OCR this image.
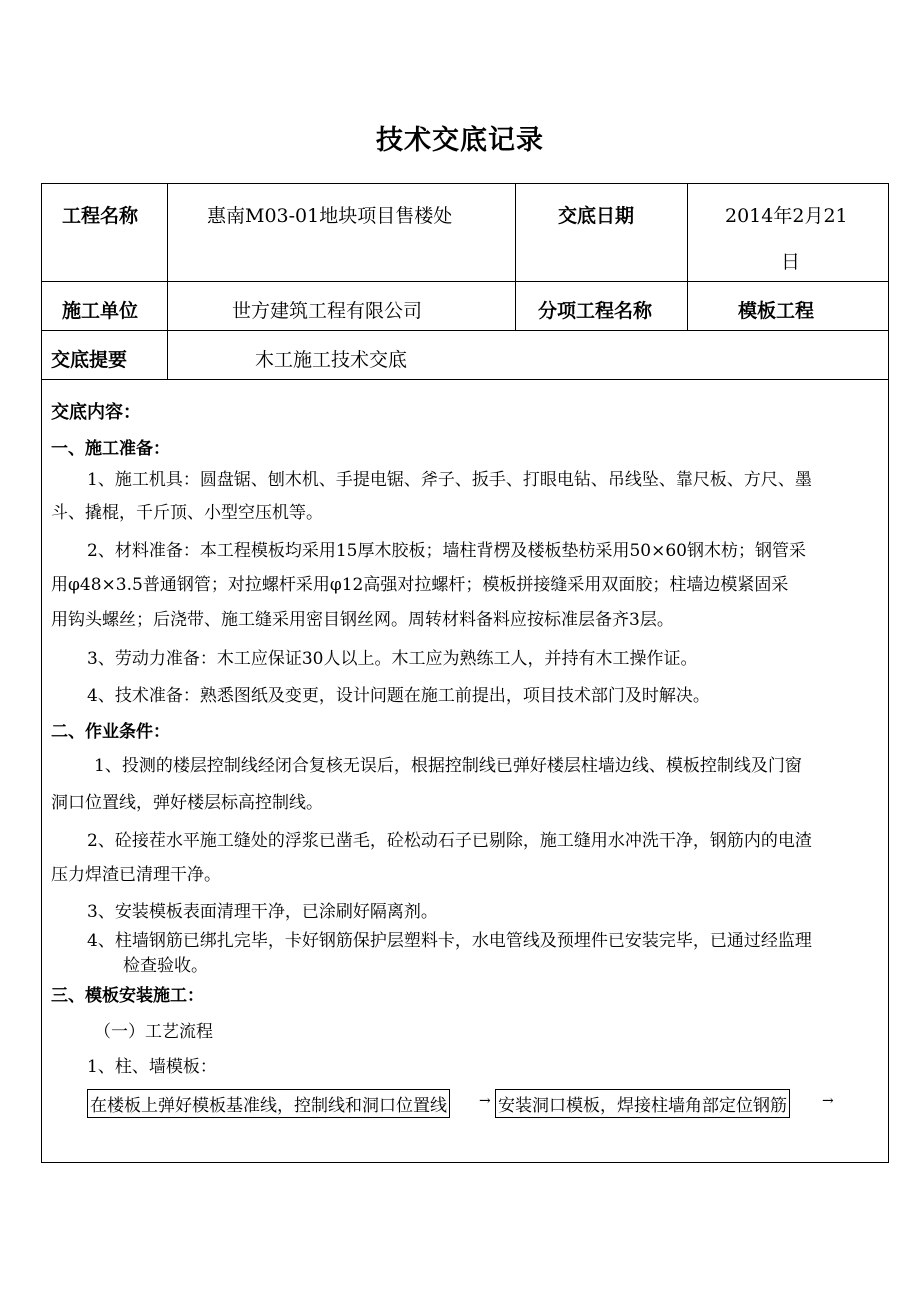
技术交底记录
工程名称	惠南M03-01地块项目售楼处	交底日期	2014年2月21
日
施工单位	世方建筑工程有限公司	分项工程名称	模板工程
交底提要	木工施工技术交底
交底内容：
一、施工准备：
1、施工机具：圆盘锯、刨木机、手提电锯、斧子、扳手、打眼电钻、吊线坠、靠尺板、方尺、墨
斗、撬棍，千斤顶、小型空压机等。
2、材料准备：本工程模板均采用15厚木胶板；墙柱背楞及楼板垫枋采用50×60钢木枋；钢管采
用φ48×3.5普通钢管；对拉螺杆采用φ12高强对拉螺杆；模板拼接缝采用双面胶；柱墙边模紧固采
用钩头螺丝；后浇带、施工缝采用密目钢丝网。周转材料备料应按标准层备齐3层。
3、劳动力准备：木工应保证30人以上。木工应为熟练工人，并持有木工操作证。
4、技术准备：熟悉图纸及变更，设计问题在施工前提出，项目技术部门及时解决。
二、作业条件：
1、投测的楼层控制线经闭合复核无误后，根据控制线已弹好楼层柱墙边线、模板控制线及门窗
洞口位置线，弹好楼层标高控制线。
2、砼接茬水平施工缝处的浮浆已凿毛，砼松动石子已剔除，施工缝用水冲洗干净，钢筋内的电渣
压力焊渣已清理干净。
3、安装模板表面清理干净，已涂刷好隔离剂。
4、柱墙钢筋已绑扎完毕，卡好钢筋保护层塑料卡，水电管线及预埋件已安装完毕，已通过经监理
检查验收。
三、模板安装施工：
（一）工艺流程
1、柱、墙模板：
在楼板上弹好模板基准线，控制线和洞口位置线 → 安装洞口模板，焊接柱墙角部定位钢筋	→
